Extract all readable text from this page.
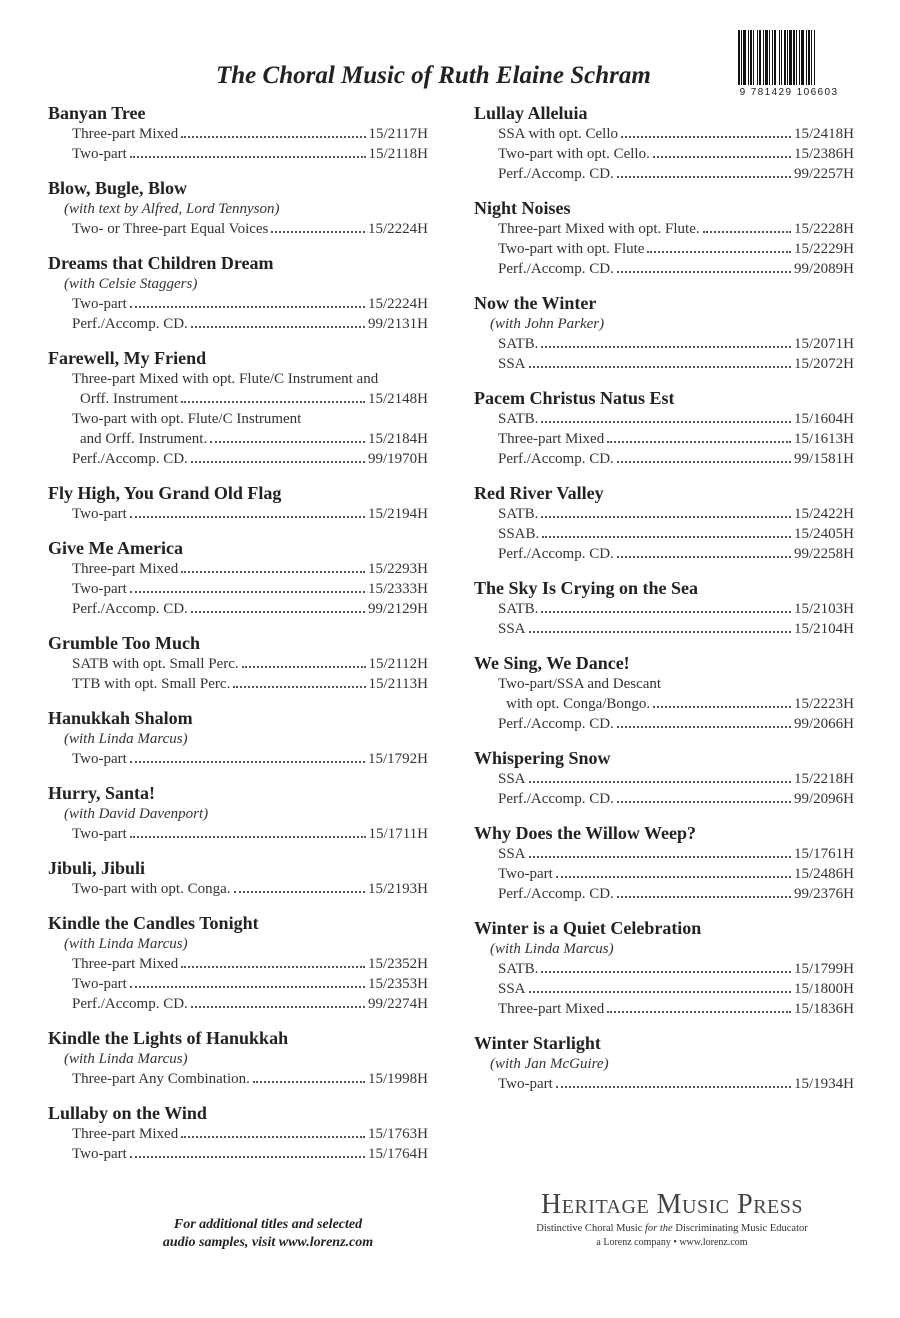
9 781429 106603
The Choral Music of Ruth Elaine Schram
Banyan Tree
Three-part Mixed	15/2117H
Two-part	15/2118H
Blow, Bugle, Blow
(with text by Alfred, Lord Tennyson)
Two- or Three-part Equal Voices	15/2224H
Dreams that Children Dream
(with Celsie Staggers)
Two-part	15/2224H
Perf./Accomp. CD.	99/2131H
Farewell, My Friend
Three-part Mixed with opt. Flute/C Instrument and
Orff. Instrument	15/2148H
Two-part with opt. Flute/C Instrument
and Orff. Instrument.	15/2184H
Perf./Accomp. CD.	99/1970H
Fly High, You Grand Old Flag
Two-part	15/2194H
Give Me America
Three-part Mixed	15/2293H
Two-part	15/2333H
Perf./Accomp. CD.	99/2129H
Grumble Too Much
SATB with opt. Small Perc.	15/2112H
TTB with opt. Small Perc.	15/2113H
Hanukkah Shalom
(with Linda Marcus)
Two-part	15/1792H
Hurry, Santa!
(with David Davenport)
Two-part	15/1711H
Jibuli, Jibuli
Two-part with opt. Conga.	15/2193H
Kindle the Candles Tonight
(with Linda Marcus)
Three-part Mixed	15/2352H
Two-part	15/2353H
Perf./Accomp. CD.	99/2274H
Kindle the Lights of Hanukkah
(with Linda Marcus)
Three-part Any Combination.	15/1998H
Lullaby on the Wind
Three-part Mixed	15/1763H
Two-part	15/1764H
Lullay Alleluia
SSA with opt. Cello	15/2418H
Two-part with opt. Cello.	15/2386H
Perf./Accomp. CD.	99/2257H
Night Noises
Three-part Mixed with opt. Flute.	15/2228H
Two-part with opt. Flute	15/2229H
Perf./Accomp. CD.	99/2089H
Now the Winter
(with John Parker)
SATB.	15/2071H
SSA	15/2072H
Pacem Christus Natus Est
SATB.	15/1604H
Three-part Mixed	15/1613H
Perf./Accomp. CD.	99/1581H
Red River Valley
SATB.	15/2422H
SSAB.	15/2405H
Perf./Accomp. CD.	99/2258H
The Sky Is Crying on the Sea
SATB.	15/2103H
SSA	15/2104H
We Sing, We Dance!
Two-part/SSA and Descant
with opt. Conga/Bongo.	15/2223H
Perf./Accomp. CD.	99/2066H
Whispering Snow
SSA	15/2218H
Perf./Accomp. CD.	99/2096H
Why Does the Willow Weep?
SSA	15/1761H
Two-part	15/2486H
Perf./Accomp. CD.	99/2376H
Winter is a Quiet Celebration
(with Linda Marcus)
SATB.	15/1799H
SSA	15/1800H
Three-part Mixed	15/1836H
Winter Starlight
(with Jan McGuire)
Two-part	15/1934H
For additional titles and selected
audio samples, visit www.lorenz.com
Heritage Music Press
Distinctive Choral Music for the Discriminating Music Educator
a Lorenz company • www.lorenz.com
